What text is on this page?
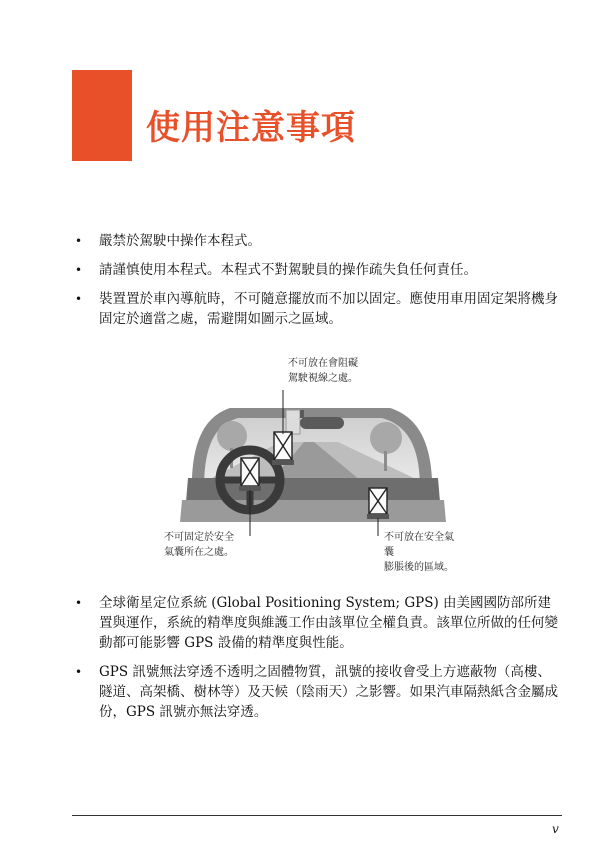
使用注意事項
• 嚴禁於駕駛中操作本程式。
• 請謹慎使用本程式。本程式不對駕駛員的操作疏失負任何責任。
• 裝置置於車內導航時，不可隨意擺放而不加以固定。應使用車用固定架將機身固定於適當之處，需避開如圖示之區域。
不可放在會阻礙
駕駛視線之處。
不可固定於安全
氣囊所在之處。
不可放在安全氣囊
膨脹後的區域。
• 全球衛星定位系統 (Global Positioning System; GPS) 由美國國防部所建置與運作，系統的精準度與維護工作由該單位全權負責。該單位所做的任何變動都可能影響 GPS 設備的精準度與性能。
• GPS 訊號無法穿透不透明之固體物質，訊號的接收會受上方遮蔽物（高樓、隧道、高架橋、樹林等）及天候（陰雨天）之影響。如果汽車隔熱紙含金屬成份，GPS 訊號亦無法穿透。
v
